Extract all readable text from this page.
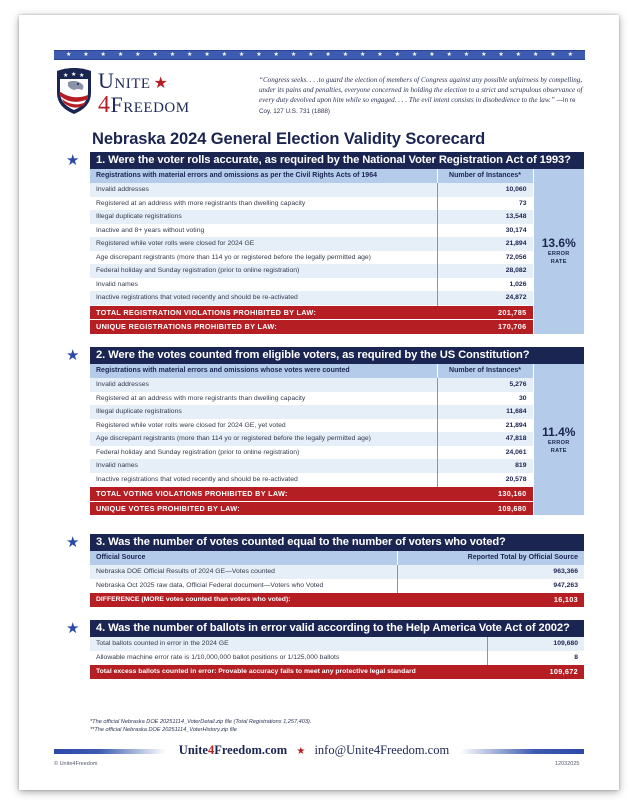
★ ★ ★ ★ ★ ★ ★ ★ ★ ★ ★ ★ ★ ★ ★ ★ ★ ★ ★ ★ ★ ★ ★ ★ ★ ★ ★ ★ ★ ★
★ ★ ★ Unite ★
4Freedom
“Congress seeks. . . .to guard the election of members of Congress against any possible unfairness by compelling, under its pains and penalties, everyone concerned in holding the election to a strict and scrupulous observance of every duty devolved upon him while so engaged. . . . The evil intent consists in disobedience to the law.” —In re Coy, 127 U.S. 731 (1888)
Nebraska 2024 General Election Validity Scorecard
★	1. Were the voter rolls accurate, as required by the National Voter Registration Act of 1993?
Registrations with material errors and omissions as per the Civil Rights Acts of 1964	Number of Instances*	13.6%
ERROR
RATE

Invalid addresses	10,060	
Registered at an address with more registrants than dwelling capacity	73	
Illegal duplicate registrations	13,548	
Inactive and 8+ years without voting	30,174	
Registered while voter rolls were closed for 2024 GE	21,894	
Age discrepant registrants (more than 114 yo or registered before the legally permitted age)	72,056	
Federal holiday and Sunday registration (prior to online registration)	28,082	
Invalid names	1,026	
Inactive registrations that voted recently and should be re-activated	24,872	
TOTAL REGISTRATION VIOLATIONS PROHIBITED BY LAW:	201,785	
UNIQUE REGISTRATIONS PROHIBITED BY LAW:	170,706	
★	2. Were the votes counted from eligible voters, as required by the US Constitution?
Registrations with material errors and omissions whose votes were counted	Number of Instances*	11.4%
ERROR
RATE

Invalid addresses	5,276	
Registered at an address with more registrants than dwelling capacity	30	
Illegal duplicate registrations	11,684	
Registered while voter rolls were closed for 2024 GE, yet voted	21,894	
Age discrepant registrants (more than 114 yo or registered before the legally permitted age)	47,818	
Federal holiday and Sunday registration (prior to online registration)	24,061	
Invalid names	819	
Inactive registrations that voted recently and should be re-activated	20,578	
TOTAL VOTING VIOLATIONS PROHIBITED BY LAW:	130,160	
UNIQUE VOTES PROHIBITED BY LAW:	109,680	
★	3. Was the number of votes counted equal to the number of voters who voted?
Official Source	Reported Total by Official Source
Nebraska DOE Official Results of 2024 GE—Votes counted	963,366
Nebraska Oct 2025 raw data, Official Federal document—Voters who Voted	947,263
DIFFERENCE (MORE votes counted than voters who voted):	16,103
★	4. Was the number of ballots in error valid according to the Help America Vote Act of 2002?
Total ballots counted in error in the 2024 GE	109,680
Allowable machine error rate is 1/10,000,000 ballot positions or 1/125,000 ballots	8
Total excess ballots counted in error: Provable accuracy fails to meet any protective legal standard	109,672
*The official Nebraska DOE 20251114_VoterDetail.zip file (Total Registrations 1,257,403).
**The official Nebraska DOE 20251114_VoterHistory.zip file
Unite4Freedom.com ★ info@Unite4Freedom.com
© Unite4Freedom	12032025
